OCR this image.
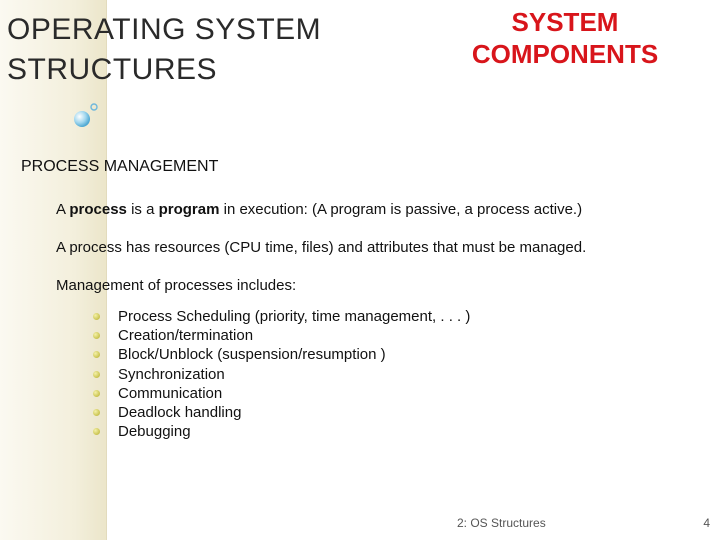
OPERATING SYSTEM
STRUCTURES
SYSTEM
COMPONENTS
PROCESS MANAGEMENT

A process is a program in execution: (A program is passive, a process active.)

A process has resources (CPU time, files) and attributes that must be managed.

Management of processes includes:

Process Scheduling (priority, time management, . . . )
Creation/termination
Block/Unblock (suspension/resumption )
Synchronization
Communication
Deadlock handling
Debugging
2: OS Structures	4
